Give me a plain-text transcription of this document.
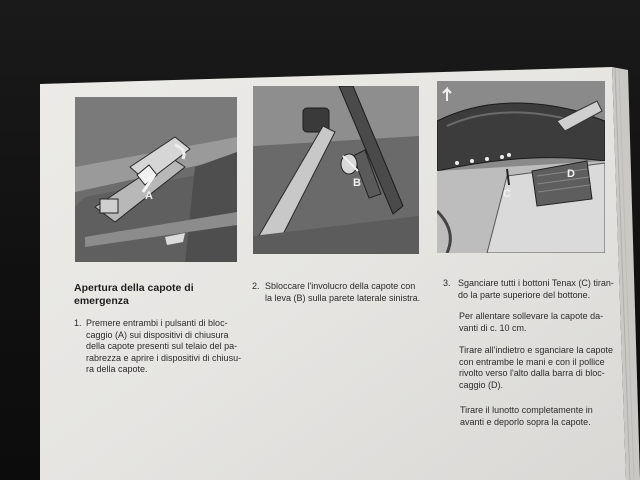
A
B
C
D
Apertura della capote di
emergenza
1. Premere entrambi i pulsanti di bloc-
caggio (A) sui dispositivi di chiusura
della capote presenti sul telaio del pa-
rabrezza e aprire i dispositivi di chiusu-
ra della capote.
2. Sbloccare l'involucro della capote con
la leva (B) sulla parete laterale sinistra.
3. Sganciare tutti i bottoni Tenax (C) tiran-
do la parte superiore del bottone.
Per allentare sollevare la capote da-
vanti di c. 10 cm.
Tirare all'indietro e sganciare la capote
con entrambe le mani e con il pollice
rivolto verso l'alto dalla barra di bloc-
caggio (D).
Tirare il lunotto completamente in
avanti e deporlo sopra la capote.
